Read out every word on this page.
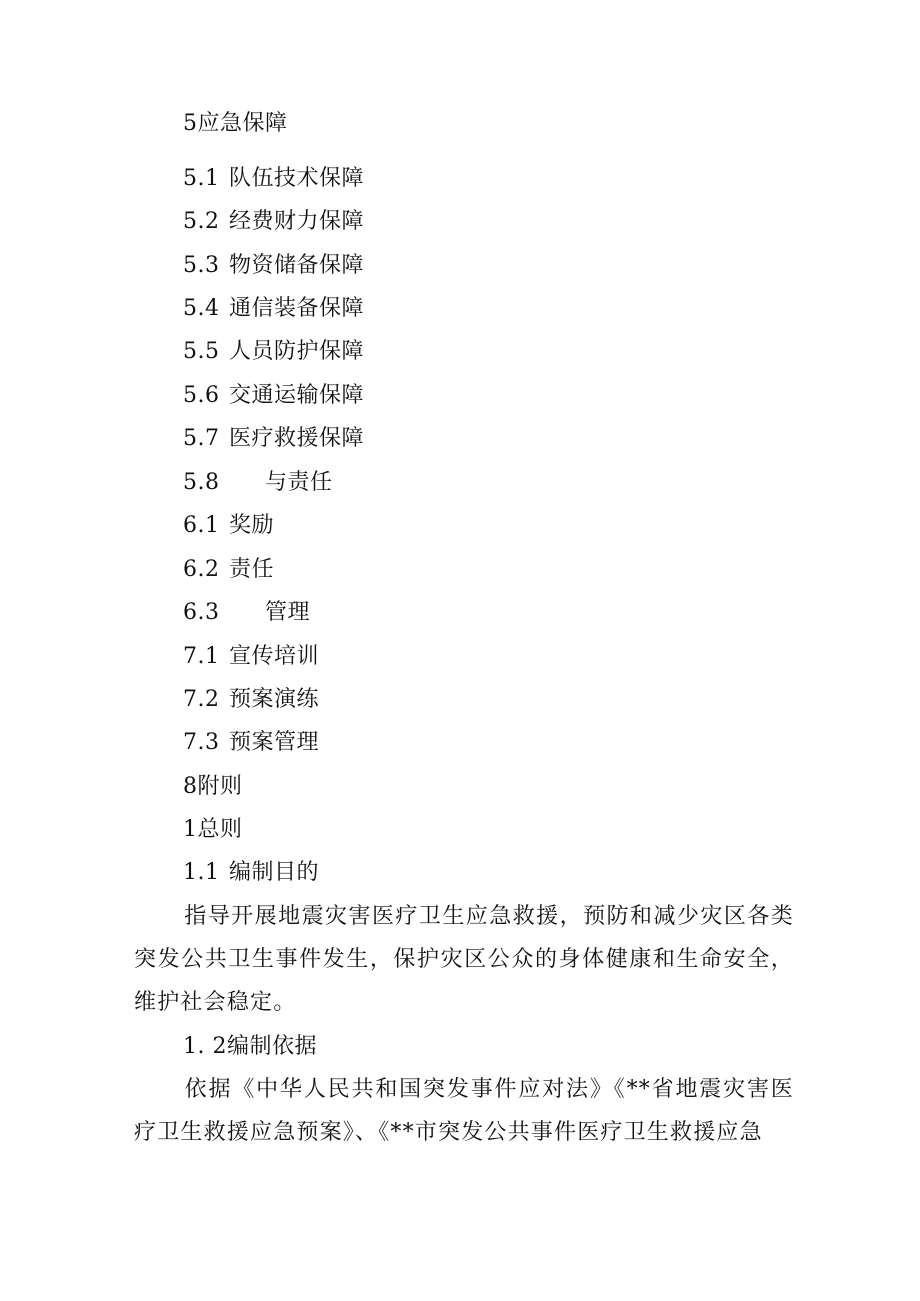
5应急保障
5.1 队伍技术保障
5.2 经费财力保障
5.3 物资储备保障
5.4 通信装备保障
5.5 人员防护保障
5.6 交通运输保障
5.7 医疗救援保障
5.8 与责任
6.1 奖励
6.2 责任
6.3 管理
7.1 宣传培训
7.2 预案演练
7.3 预案管理
8附则
1总则
1.1 编制目的
指导开展地震灾害医疗卫生应急救援，预防和减少灾区各类突发公共卫生事件发生，保护灾区公众的身体健康和生命安全，维护社会稳定。
1. 2编制依据
依据《中华人民共和国突发事件应对法》《**省地震灾害医疗卫生救援应急预案》、《**市突发公共事件医疗卫生救援应急
